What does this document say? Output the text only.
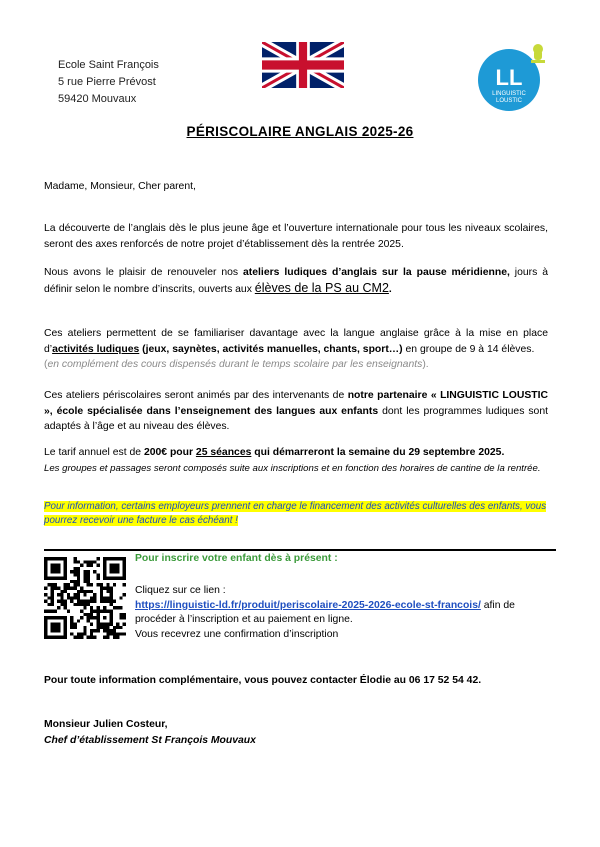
Ecole Saint François
5 rue Pierre Prévost
59420 Mouvaux
LL
LINGUISTIC
LOUSTIC
PÉRISCOLAIRE ANGLAIS 2025-26
Madame, Monsieur, Cher parent,
La découverte de l’anglais dès le plus jeune âge et l’ouverture internationale pour tous les niveaux scolaires, seront des axes renforcés de notre projet d’établissement dès la rentrée 2025.
Nous avons le plaisir de renouveler nos ateliers ludiques d’anglais sur la pause méridienne, jours à définir selon le nombre d’inscrits, ouverts aux élèves de la PS au CM2.
Ces ateliers permettent de se familiariser davantage avec la langue anglaise grâce à la mise en place d’activités ludiques (jeux, saynètes, activités manuelles, chants, sport…) en groupe de 9 à 14 élèves.
(en complément des cours dispensés durant le temps scolaire par les enseignants).
Ces ateliers périscolaires seront animés par des intervenants de notre partenaire « LINGUISTIC LOUSTIC », école spécialisée dans l’enseignement des langues aux enfants dont les programmes ludiques sont adaptés à l’âge et au niveau des élèves.
Le tarif annuel est de 200€ pour 25 séances qui démarreront la semaine du 29 septembre 2025.
Les groupes et passages seront composés suite aux inscriptions et en fonction des horaires de cantine de la rentrée.
Pour information, certains employeurs prennent en charge le financement des activités culturelles des enfants, vous pourrez recevoir une facture le cas échéant !
Pour inscrire votre enfant dès à présent :
Cliquez sur ce lien :
https://linguistic-ld.fr/produit/periscolaire-2025-2026-ecole-st-francois/ afin de procéder à l’inscription et au paiement en ligne.
Vous recevrez une confirmation d’inscription
Pour toute information complémentaire, vous pouvez contacter Élodie au 06 17 52 54 42.
Monsieur Julien Costeur,
Chef d’établissement St François Mouvaux
